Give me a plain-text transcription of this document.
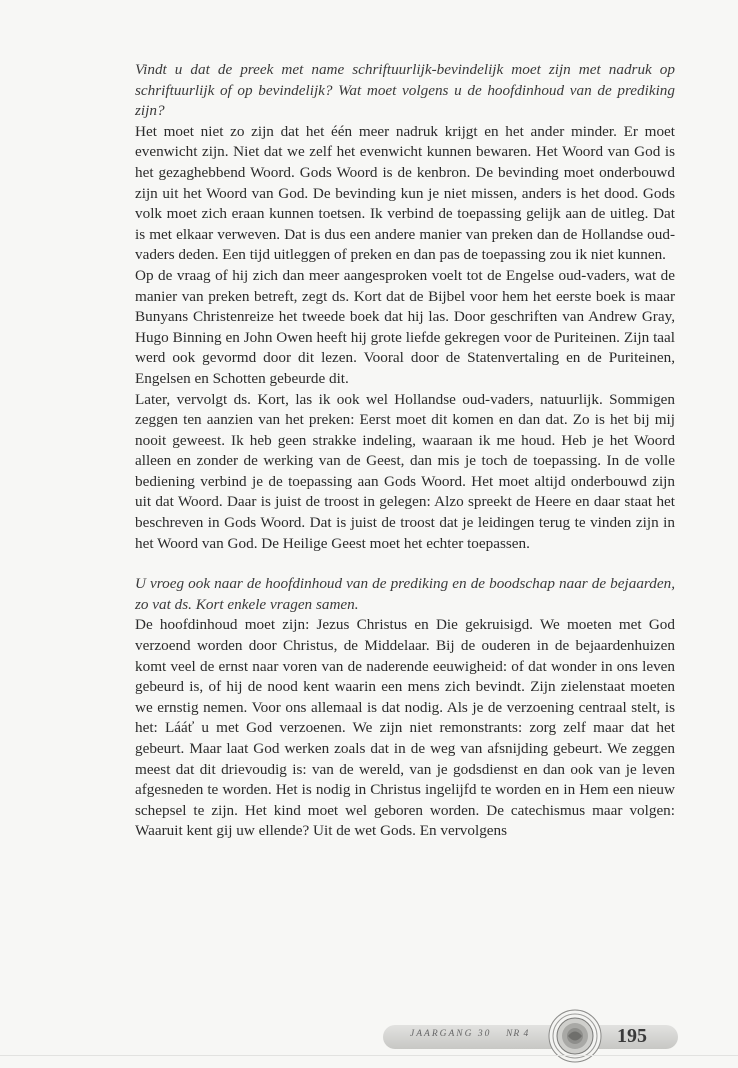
Vindt u dat de preek met name schriftuurlijk-bevindelijk moet zijn met nadruk op schriftuurlijk of op bevindelijk? Wat moet volgens u de hoofdinhoud van de prediking zijn?

Het moet niet zo zijn dat het één meer nadruk krijgt en het ander minder. Er moet evenwicht zijn. Niet dat we zelf het evenwicht kunnen bewaren. Het Woord van God is het gezaghebbend Woord. Gods Woord is de kenbron. De bevinding moet onderbouwd zijn uit het Woord van God. De bevinding kun je niet missen, anders is het dood. Gods volk moet zich eraan kunnen toetsen. Ik verbind de toepassing gelijk aan de uitleg. Dat is met elkaar verweven. Dat is dus een andere manier van preken dan de Hollandse oud-vaders deden. Een tijd uitleggen of preken en dan pas de toepassing zou ik niet kunnen.

Op de vraag of hij zich dan meer aangesproken voelt tot de Engelse oud-vaders, wat de manier van preken betreft, zegt ds. Kort dat de Bijbel voor hem het eerste boek is maar Bunyans Christenreize het tweede boek dat hij las. Door geschriften van Andrew Gray, Hugo Binning en John Owen heeft hij grote liefde gekregen voor de Puriteinen. Zijn taal werd ook gevormd door dit lezen. Vooral door de Statenvertaling en de Puriteinen, Engelsen en Schotten gebeurde dit.

Later, vervolgt ds. Kort, las ik ook wel Hollandse oud-vaders, natuurlijk. Sommigen zeggen ten aanzien van het preken: Eerst moet dit komen en dan dat. Zo is het bij mij nooit geweest. Ik heb geen strakke indeling, waaraan ik me houd. Heb je het Woord alleen en zonder de werking van de Geest, dan mis je toch de toepassing. In de volle bediening verbind je de toepassing aan Gods Woord. Het moet altijd onderbouwd zijn uit dat Woord. Daar is juist de troost in gelegen: Alzo spreekt de Heere en daar staat het beschreven in Gods Woord. Dat is juist de troost dat je leidingen terug te vinden zijn in het Woord van God. De Heilige Geest moet het echter toepassen.

U vroeg ook naar de hoofdinhoud van de prediking en de boodschap naar de bejaarden, zo vat ds. Kort enkele vragen samen.

De hoofdinhoud moet zijn: Jezus Christus en Die gekruisigd. We moeten met God verzoend worden door Christus, de Middelaar. Bij de ouderen in de bejaardenhuizen komt veel de ernst naar voren van de naderende eeuwigheid: of dat wonder in ons leven gebeurd is, of hij de nood kent waarin een mens zich bevindt. Zijn zielenstaat moeten we ernstig nemen. Voor ons allemaal is dat nodig. Als je de verzoening centraal stelt, is het: Lááť u met God verzoenen. We zijn niet remonstrants: zorg zelf maar dat het gebeurt. Maar laat God werken zoals dat in de weg van afsnijding gebeurt. We zeggen meest dat dit drievoudig is: van de wereld, van je godsdienst en dan ook van je leven afgesneden te worden. Het is nodig in Christus ingelijfd te worden en in Hem een nieuw schepsel te zijn. Het kind moet wel geboren worden. De catechismus maar volgen: Waaruit kent gij uw ellende? Uit de wet Gods. En vervolgens

JAARGANG 30 NR 4	195
